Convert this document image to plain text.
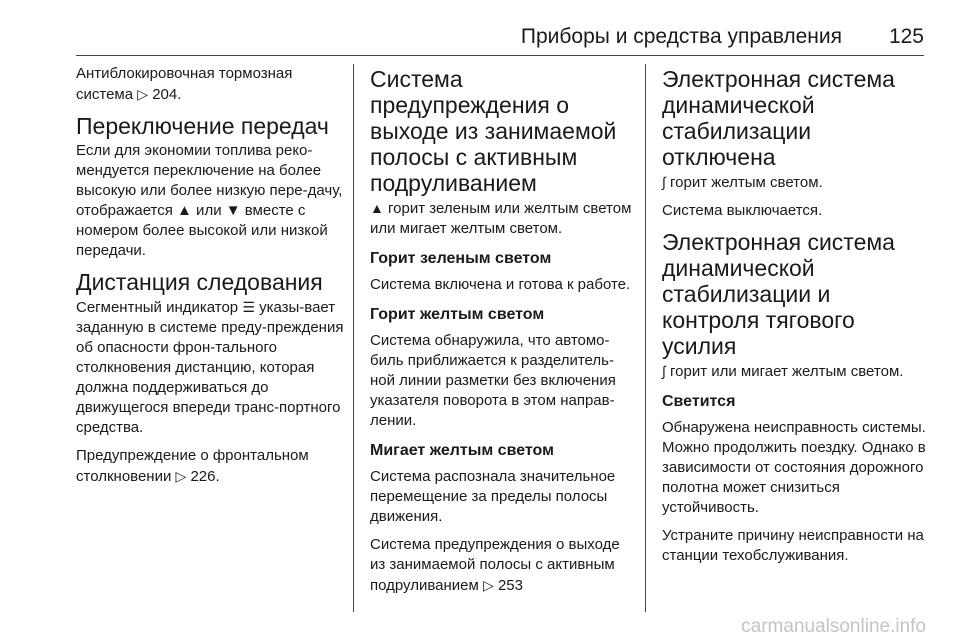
Приборы и средства управления 125

Антиблокировочная тормозная
система ▷ 204.

Переключение передач

Если для экономии топлива реко-мендуется переключение на более высокую или более низкую пере-дачу, отображается ▲ или ▼ вместе с номером более высокой или низкой передачи.

Дистанция следования

Сегментный индикатор ☰ указы-вает заданную в системе преду-преждения об опасности фрон-тального столкновения дистанцию, которая должна поддерживаться до движущегося впереди транс-портного средства.

Предупреждение о фронтальном столкновении ▷ 226.

Система предупреждения о выходе из занимаемой полосы с активным подруливанием

▲ горит зеленым или желтым светом или мигает желтым светом.

Горит зеленым светом

Система включена и готова к работе.

Горит желтым светом

Система обнаружила, что автомо-биль приближается к разделитель-ной линии разметки без включения указателя поворота в этом направ-лении.

Мигает желтым светом

Система распознала значительное перемещение за пределы полосы движения.

Система предупреждения о выходе из занимаемой полосы с активным подруливанием ▷ 253

Электронная система динамической стабилизации отключена

∫ горит желтым светом.

Система выключается.

Электронная система динамической стабилизации и контроля тягового усилия

∫ горит или мигает желтым светом.

Светится

Обнаружена неисправность системы. Можно продолжить поездку. Однако в зависимости от состояния дорожного полотна может снизиться устойчивость.

Устраните причину неисправности на станции техобслуживания.

carmanualsonline.info
